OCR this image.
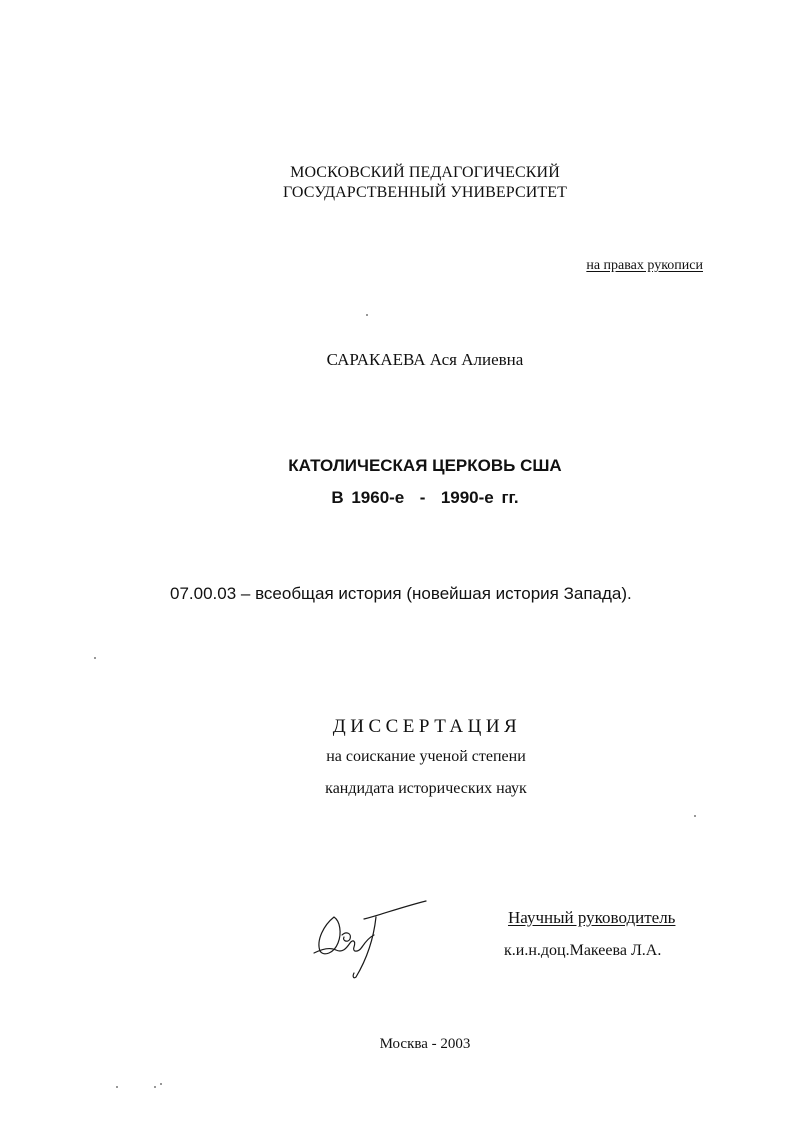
МОСКОВСКИЙ ПЕДАГОГИЧЕСКИЙ
ГОСУДАРСТВЕННЫЙ УНИВЕРСИТЕТ
на правах рукописи
САРАКАЕВА Ася Алиевна
КАТОЛИЧЕСКАЯ ЦЕРКОВЬ США
В 1960-е  -  1990-е гг.
07.00.03 – всеобщая история (новейшая история Запада).
ДИССЕРТАЦИЯ
на соискание ученой степени
кандидата исторических наук
Научный руководитель
к.и.н.доц.Макеева Л.А.
Москва - 2003
